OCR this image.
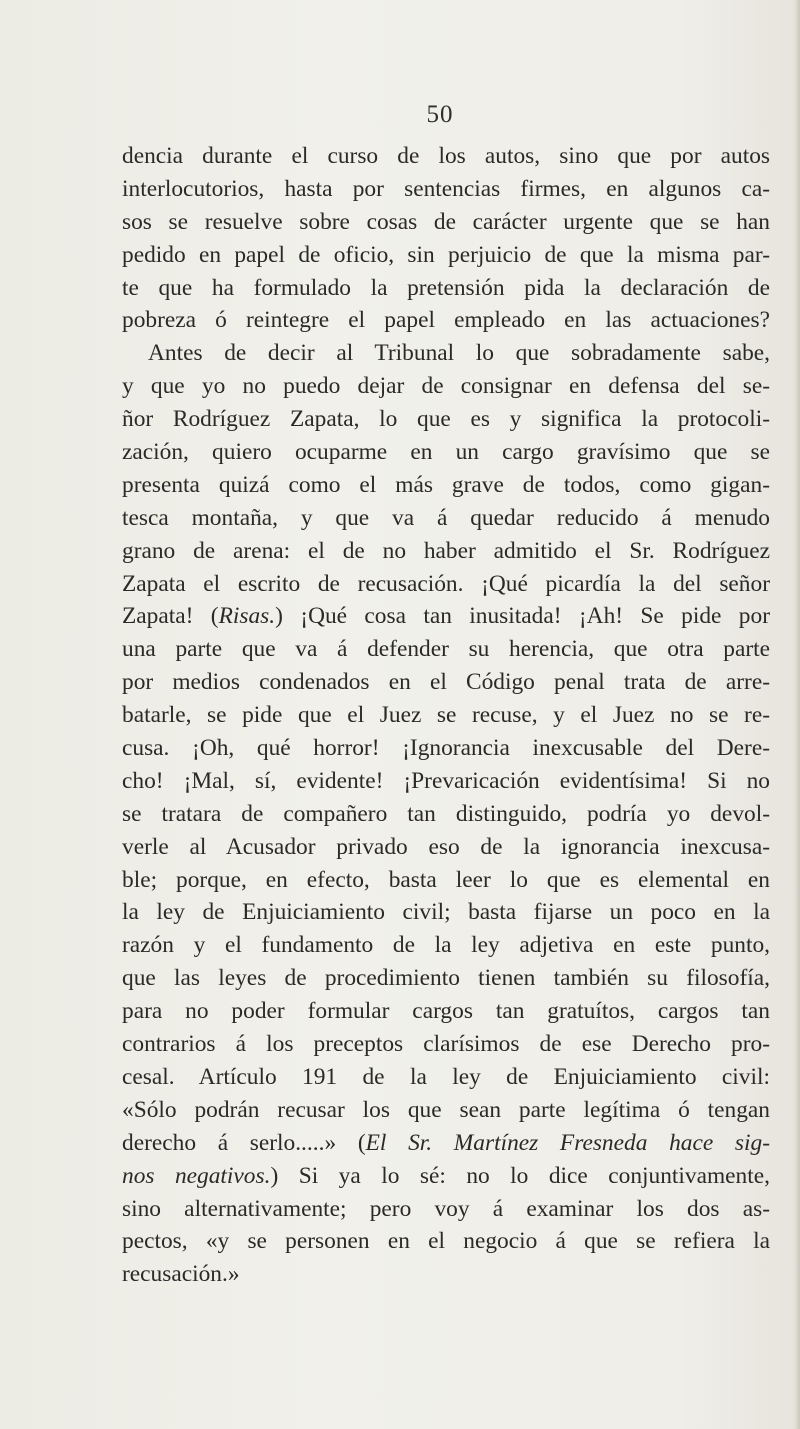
50
dencia durante el curso de los autos, sino que por autos
interlocutorios, hasta por sentencias firmes, en algunos ca-
sos se resuelve sobre cosas de carácter urgente que se han
pedido en papel de oficio, sin perjuicio de que la misma par-
te que ha formulado la pretensión pida la declaración de
pobreza ó reintegre el papel empleado en las actuaciones?
Antes de decir al Tribunal lo que sobradamente sabe,
y que yo no puedo dejar de consignar en defensa del se-
ñor Rodríguez Zapata, lo que es y significa la protocoli-
zación, quiero ocuparme en un cargo gravísimo que se
presenta quizá como el más grave de todos, como gigan-
tesca montaña, y que va á quedar reducido á menudo
grano de arena: el de no haber admitido el Sr. Rodríguez
Zapata el escrito de recusación. ¡Qué picardía la del señor
Zapata! (Risas.) ¡Qué cosa tan inusitada! ¡Ah! Se pide por
una parte que va á defender su herencia, que otra parte
por medios condenados en el Código penal trata de arre-
batarle, se pide que el Juez se recuse, y el Juez no se re-
cusa. ¡Oh, qué horror! ¡Ignorancia inexcusable del Dere-
cho! ¡Mal, sí, evidente! ¡Prevaricación evidentísima! Si no
se tratara de compañero tan distinguido, podría yo devol-
verle al Acusador privado eso de la ignorancia inexcusa-
ble; porque, en efecto, basta leer lo que es elemental en
la ley de Enjuiciamiento civil; basta fijarse un poco en la
razón y el fundamento de la ley adjetiva en este punto,
que las leyes de procedimiento tienen también su filosofía,
para no poder formular cargos tan gratuítos, cargos tan
contrarios á los preceptos clarísimos de ese Derecho pro-
cesal. Artículo 191 de la ley de Enjuiciamiento civil:
«Sólo podrán recusar los que sean parte legítima ó tengan
derecho á serlo.....» (El Sr. Martínez Fresneda hace sig-
nos negativos.) Si ya lo sé: no lo dice conjuntivamente,
sino alternativamente; pero voy á examinar los dos as-
pectos, «y se personen en el negocio á que se refiera la
recusación.»
